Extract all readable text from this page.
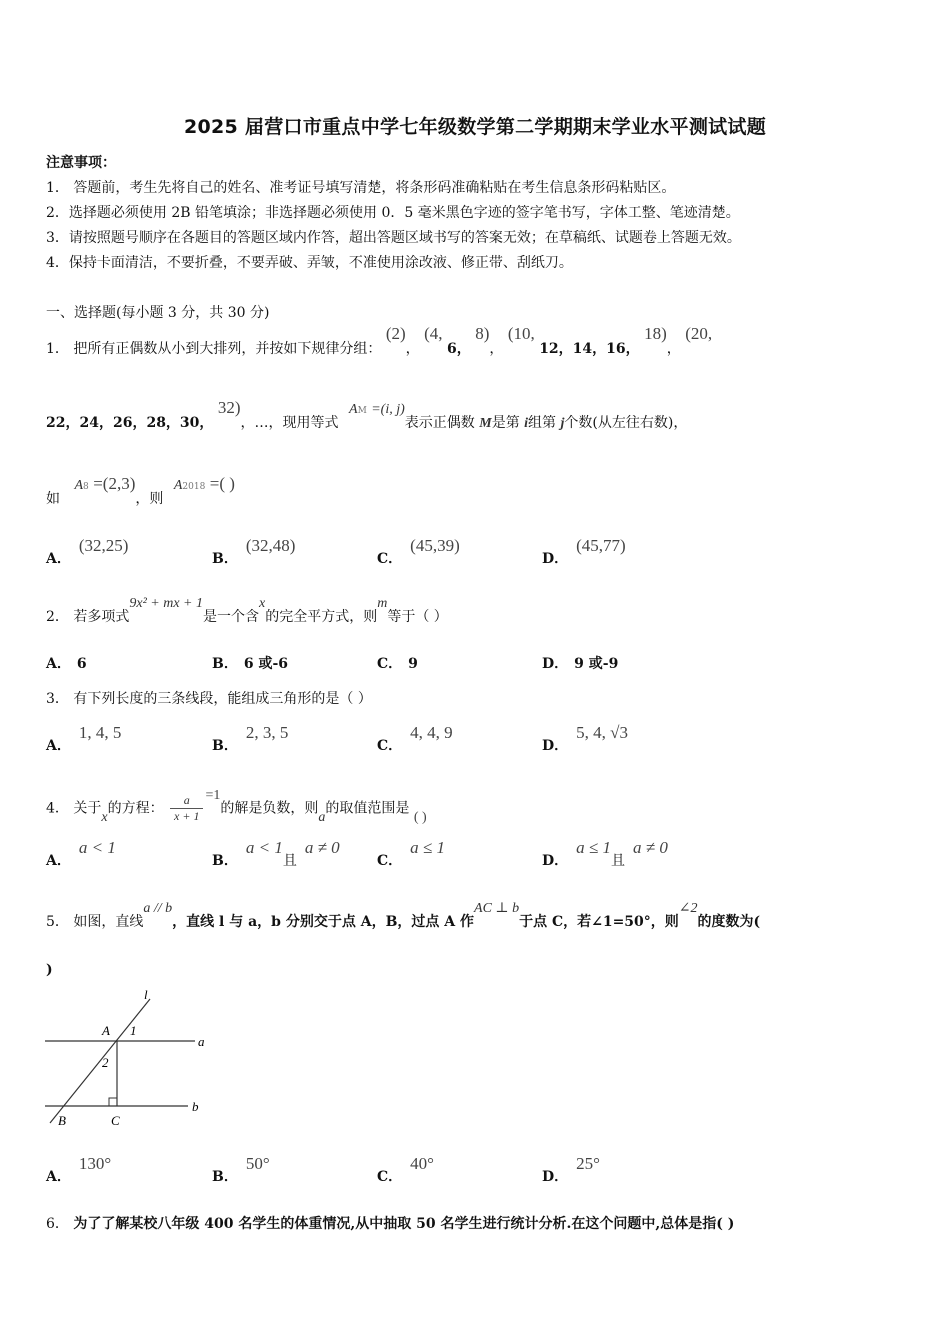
2025 届营口市重点中学七年级数学第二学期期末学业水平测试试题
注意事项：
1． 答题前，考生先将自己的姓名、准考证号填写清楚，将条形码准确粘贴在考生信息条形码粘贴区。
2．选择题必须使用 2B 铅笔填涂；非选择题必须使用 0．5 毫米黑色字迹的签字笔书写，字体工整、笔迹清楚。
3．请按照题号顺序在各题目的答题区域内作答，超出答题区域书写的答案无效；在草稿纸、试题卷上答题无效。
4．保持卡面清洁，不要折叠，不要弄破、弄皱，不准使用涂改液、修正带、刮纸刀。
一、选择题(每小题 3 分，共 30 分)
1． 把所有正偶数从小到大排列，并按如下规律分组： (2)， (4, 6， 8)， (10, 12，14，16， 18)， (20,
22，24，26，28，30， 32)，…，现用等式 AM =(i, j)表示正偶数 M是第 i组第 j个数(从左往右数)，
如 A8 =(2,3)，则 A2018 =( )
A．(32,25)
B．(32,48)
C．(45,39)
D．(45,77)
2． 若多项式9x² + mx + 1是一个含x的完全平方式，则m等于（ ）
A． 6	B． 6 或-6	C． 9	D． 9 或-9
3． 有下列长度的三条线段，能组成三角形的是（ ）
A．1, 4, 5
B．2, 3, 5
C．4, 4, 9
D．5, 4, √3
4． 关于x的方程： $\frac{a}{x + 1} =1$的解是负数，则a的取值范围是 ( )
A．a < 1
B．a < 1且a ≠ 0
C．a ≤ 1
D．a ≤ 1且a ≠ 0
5． 如图，直线a // b，直线 l 与 a，b 分别交于点 A，B，过点 A 作AC ⊥ b于点 C，若∠1=50°，则∠2的度数为(
)
l
A 1
2
a
b
B	C
A．130°
B．50°
C．40°
D．25°
6． 为了了解某校八年级 400 名学生的体重情况,从中抽取 50 名学生进行统计分析.在这个问题中,总体是指( )
